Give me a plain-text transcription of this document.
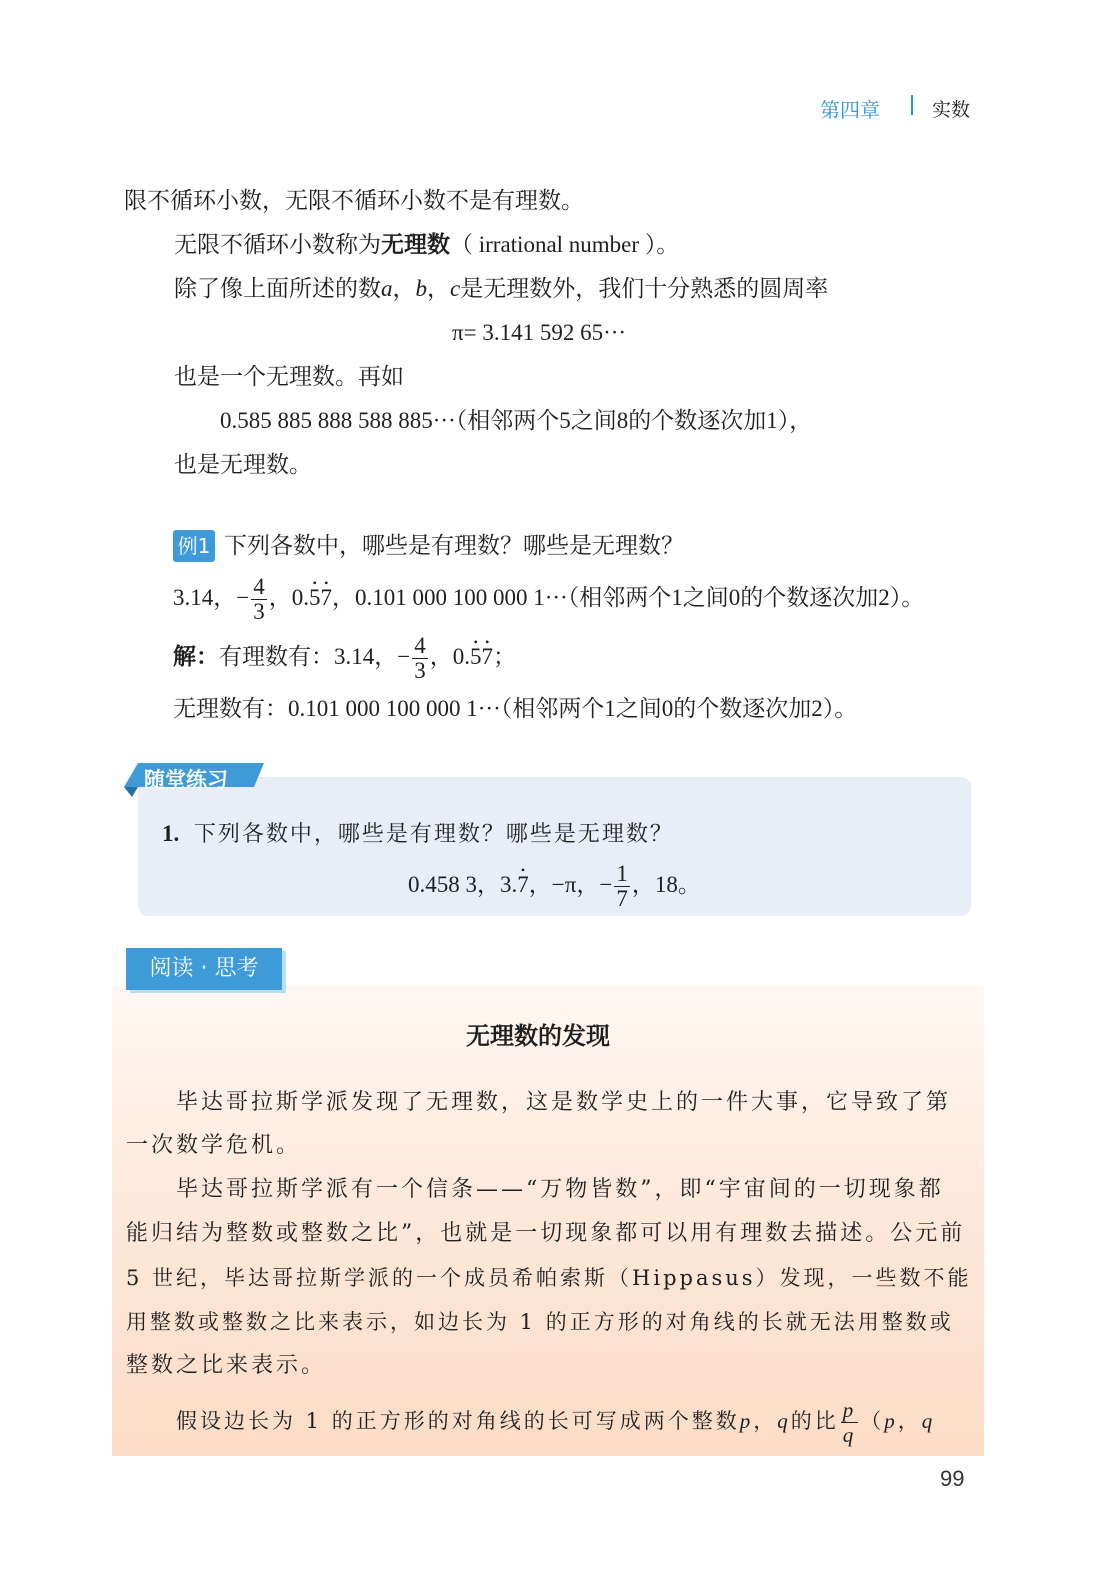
第四章	实数
限不循环小数，无限不循环小数不是有理数。
无限不循环小数称为无理数（ irrational number ）。
除了像上面所述的数a，b，c是无理数外，我们十分熟悉的圆周率
π= 3.141 592 65···
也是一个无理数。再如
0.585 885 888 588 885···（相邻两个5之间8的个数逐次加1），
也是无理数。
例1 下列各数中，哪些是有理数？哪些是无理数？
3.14，− $\frac{4}{3}$ ，0.• 5• 7，0.101 000 100 000 1···（相邻两个1之间0的个数逐次加2）。
解：有理数有：3.14，− $\frac{4}{3}$ ，0.• 5• 7；
无理数有：0.101 000 100 000 1···（相邻两个1之间0的个数逐次加2）。
随堂练习
1. 下列各数中，哪些是有理数？哪些是无理数？
0.458 3，3.• 7，−π，− $\frac{1}{7}$ ，18。
阅读 · 思考
无理数的发现
毕达哥拉斯学派发现了无理数，这是数学史上的一件大事，它导致了第
一次数学危机。
毕达哥拉斯学派有一个信条——“万物皆数”，即“宇宙间的一切现象都
能归结为整数或整数之比”，也就是一切现象都可以用有理数去描述。公元前
5 世纪，毕达哥拉斯学派的一个成员希帕索斯（Hippasus）发现，一些数不能
用整数或整数之比来表示，如边长为 1 的正方形的对角线的长就无法用整数或
整数之比来表示。
假设边长为 1 的正方形的对角线的长可写成两个整数p，q的比 $\frac{p}{q} (p$，q
99
